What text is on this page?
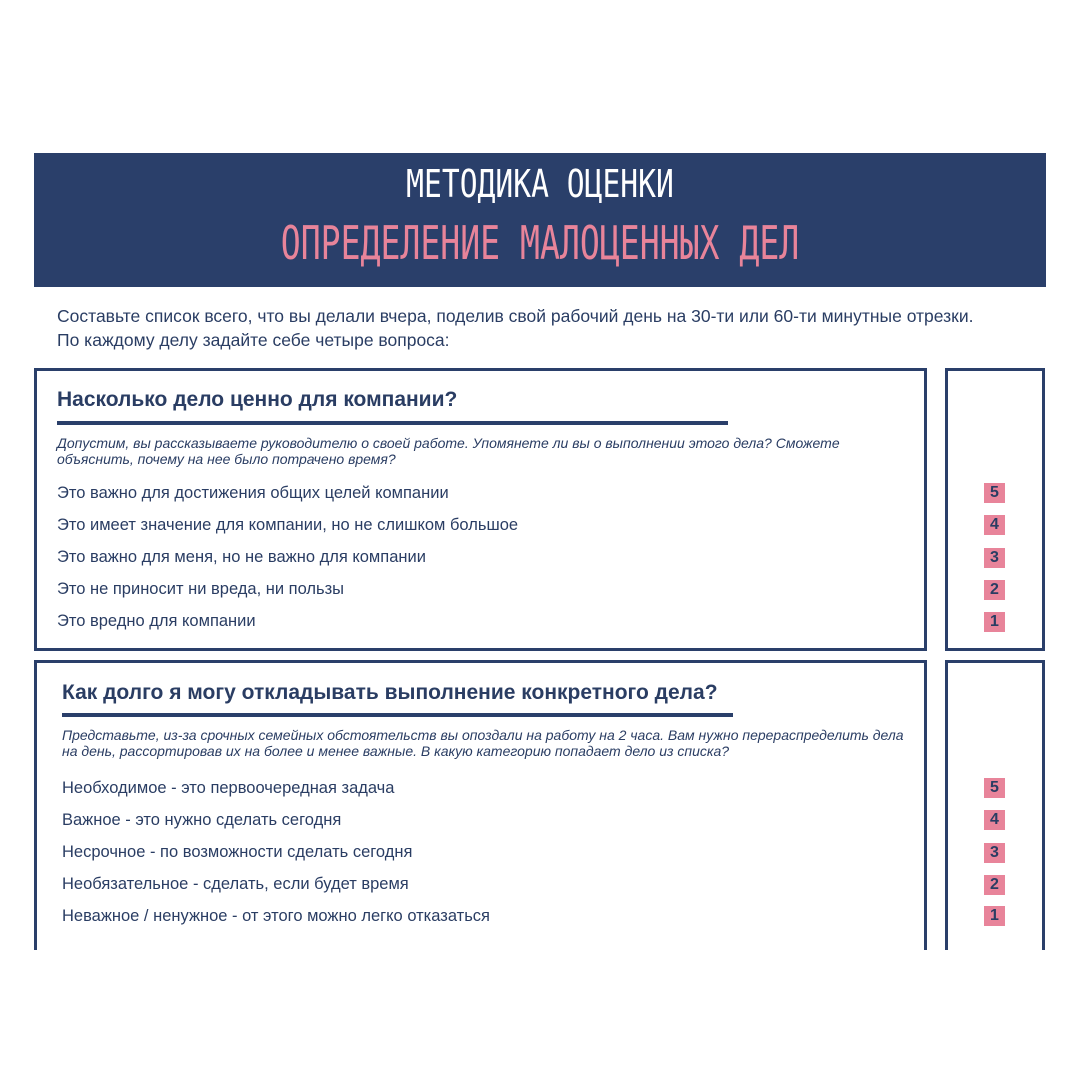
МЕТОДИКА ОЦЕНКИ
ОПРЕДЕЛЕНИЕ МАЛОЦЕННЫХ ДЕЛ

Составьте список всего, что вы делали вчера, поделив свой рабочий день на 30-ти или 60-ти минутные отрезки.

По каждому делу задайте себе четыре вопроса:

Насколько дело ценно для компании?
Допустим, вы рассказываете руководителю о своей работе. Упомянете ли вы о выполнении этого дела? Сможете объяснить, почему на нее было потрачено время?
Это важно для достижения общих целей компании
Это имеет значение для компании, но не слишком большое
Это важно для меня, но не важно для компании
Это не приносит ни вреда, ни пользы
Это вредно для компании
5
4
3
2
1
Как долго я могу откладывать выполнение конкретного дела?
Представьте, из-за срочных семейных обстоятельств вы опоздали на работу на 2 часа. Вам нужно перераспределить дела на день, рассортировав их на более и менее важные. В какую категорию попадает дело из списка?
Необходимое - это первоочередная задача
Важное - это нужно сделать сегодня
Несрочное - по возможности сделать сегодня
Необязательное - сделать, если будет время
Неважное / ненужное - от этого можно легко отказаться
5
4
3
2
1
